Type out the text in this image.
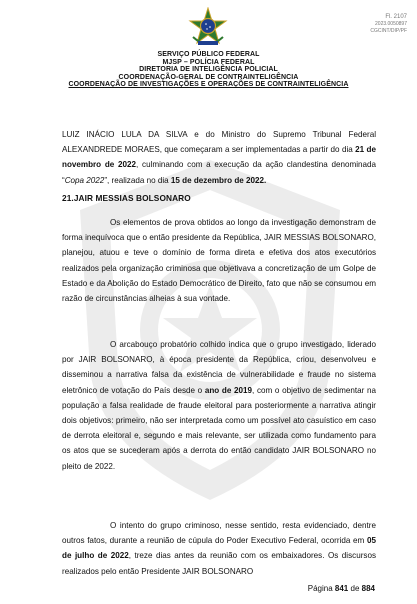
Fl. 2107
2023.0050897
CGCINT/DIP/PF
SERVIÇO PÚBLICO FEDERAL
MJSP – POLÍCIA FEDERAL
DIRETORIA DE INTELIGÊNCIA POLICIAL
COORDENAÇÃO-GERAL DE CONTRAINTELIGÊNCIA
COORDENAÇÃO DE INVESTIGAÇÕES E OPERAÇÕES DE CONTRAINTELIGÊNCIA

LUIZ INÁCIO LULA DA SILVA e do Ministro do Supremo Tribunal Federal ALEXANDREDE MORAES, que começaram a ser implementadas a partir do dia 21 de novembro de 2022, culminando com a execução da ação clandestina denominada “Copa 2022”, realizada no dia 15 de dezembro de 2022.

21.JAIR MESSIAS BOLSONARO

Os elementos de prova obtidos ao longo da investigação demonstram de forma inequívoca que o então presidente da República, JAIR MESSIAS BOLSONARO, planejou, atuou e teve o domínio de forma direta e efetiva dos atos executórios realizados pela organização criminosa que objetivava a concretização de um Golpe de Estado e da Abolição do Estado Democrático de Direito, fato que não se consumou em razão de circunstâncias alheias à sua vontade.

O arcabouço probatório colhido indica que o grupo investigado, liderado por JAIR BOLSONARO, à época presidente da República, criou, desenvolveu e disseminou a narrativa falsa da existência de vulnerabilidade e fraude no sistema eletrônico de votação do País desde o ano de 2019, com o objetivo de sedimentar na população a falsa realidade de fraude eleitoral para posteriormente a narrativa atingir dois objetivos: primeiro, não ser interpretada como um possível ato casuístico em caso de derrota eleitoral e, segundo e mais relevante, ser utilizada como fundamento para os atos que se sucederam após a derrota do então candidato JAIR BOLSONARO no pleito de 2022.

O intento do grupo criminoso, nesse sentido, resta evidenciado, dentre outros fatos, durante a reunião de cúpula do Poder Executivo Federal, ocorrida em 05 de julho de 2022, treze dias antes da reunião com os embaixadores. Os discursos realizados pelo então Presidente JAIR BOLSONARO

Página 841 de 884
